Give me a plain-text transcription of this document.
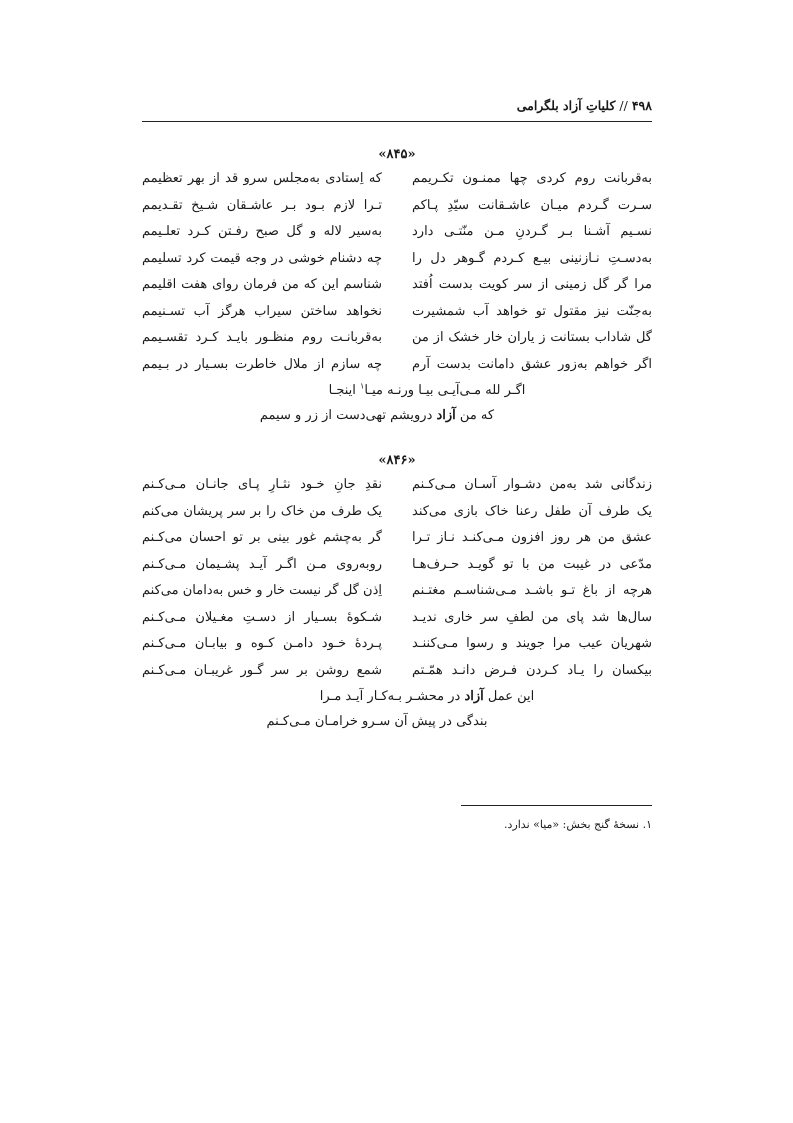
۴۹۸//کلیاتِ آزاد بلگرامی
«۸۴۵»
به‌قربانت روم کردی چها ممنـون تکـریمم
که اِستادی به‌مجلس سرو قد از بهر تعظیمم
سـرت گـردم میـان عاشـقانت سیّدِ پـاکم
تـرا لازم بـود بـر عاشـقان شـیخ تقـدیمم
نسـیم آشـنا بـر گـردنِ مـن منّتـی دارد
به‌سیر لاله و گل صبح رفـتن کـرد تعلـیمم
به‌دسـتِ نـازنینی بیـع کـردم گـوهر دل را
چه دشنام خوشی در وجه قیمت کرد تسلیمم
مرا گر گل زمینی از سر کویت بدست اُفتد
شناسم این که من فرمان روای هفت اقلیمم
به‌جنّت نیز مقتول تو خواهد آب شمشیرت
نخواهد ساختن سیراب هرگز آب تسـنیمم
گل شاداب بستانت ز یاران خار خشک از من
به‌قربانـت روم منظـور بایـد کـرد تقسـیمم
اگر خواهم به‌زور عشق دامانت بدست آرم
چه سازم از ملال خاطرت بسـیار در بـیمم
اگـر لله مـی‌آیـی بیـا ورنـه میـا$^۱$ اینجـا
که من آزاد درویشم تهی‌دست از زر و سیمم
«۸۴۶»
زندگانی شد به‌من دشـوار آسـان مـی‌کـنم
نقدِ جانِ خـود نثـارِ پـای جانـان مـی‌کـنم
یک طرف آن طفل رعنا خاک بازی می‌کند
یک طرف من خاک را بر سر پریشان می‌کنم
عشق من هر روز افزون مـی‌کنـد نـاز تـرا
گر به‌چشم غور بینی بر تو احسان می‌کـنم
مدّعی در غیبت من با تو گویـد حـرف‌هـا
روبه‌روی مـن اگـر آیـد پشـیمان مـی‌کـنم
هرچه از باغ تـو باشـد مـی‌شناسـم مغتـنم
اِذن گل گر نیست خار و خس به‌دامان می‌کنم
سال‌ها شد پای من لطفِ سر خاری ندیـد
شـکوۀ بسـیار از دسـتِ مغـیلان مـی‌کـنم
شهریان عیب مرا جویند و رسوا مـی‌کننـد
پـردۀ خـود دامـن کـوه و بیابـان مـی‌کـنم
بیکسان را یـاد کـردن فـرض دانـد همّـتم
شمع روشن بر سر گـور غریبـان مـی‌کـنم
این عمل آزاد در محشـر بـه‌کـار آیـد مـرا
بندگی در پیش آن سـرو خرامـان مـی‌کـنم
۱. نسخۀ گنج بخش: «میا» ندارد.
